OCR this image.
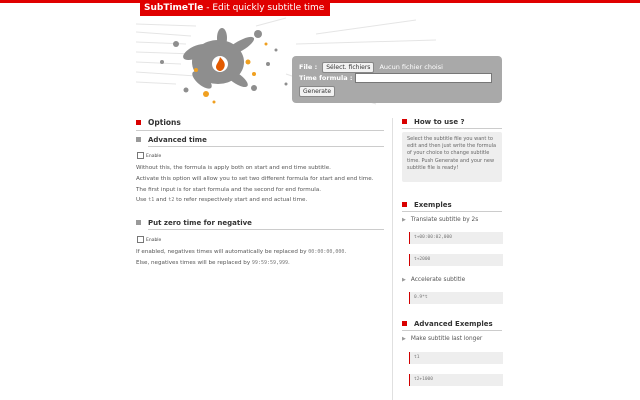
SubTimeTle - Edit quickly subtitle time
File : Sélect. fichiers Aucun fichier choisi
Time formula :
Generate
Options
Advanced time
Enable
Without this, the formula is apply both on start and end time subtitle.
Activate this option will allow you to set two different formula for start and end time. The first input is for start formula and the second for end formula.
Use t1 and t2 to refer respectively start and end actual time.
Put zero time for negative
Enable
If enabled, negatives times will automatically be replaced by 00:00:00,000.
Else, negatives times will be replaced by 99:59:59,999.
How to use ?
Select the subtitle file you want to edit and then just write the formula of your choice to change subtitle time. Push Generate and your new subtitle file is ready!
Exemples
▶ Translate subtitle by 2s
t+00:00:02,000
t+2000
▶ Accelerate subtitle
0.9*t
Advanced Exemples
▶ Make subtitle last longer
t1
t2+1000
